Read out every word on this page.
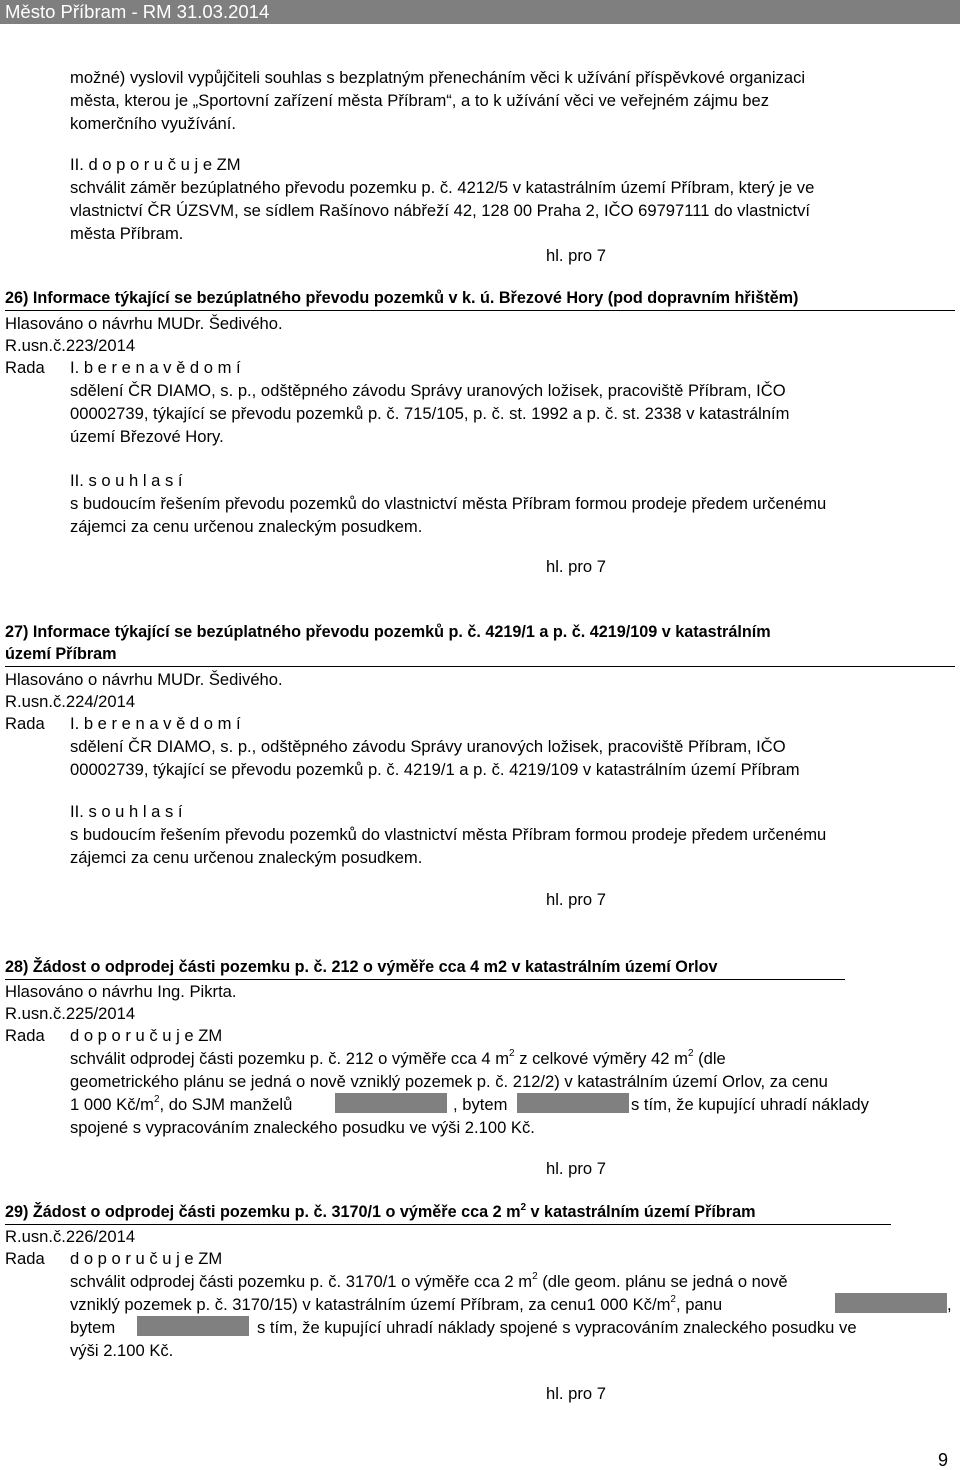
Město Příbram - RM 31.03.2014
možné) vyslovil vypůjčiteli souhlas s bezplatným přenecháním věci k užívání příspěvkové organizaci
města, kterou je „Sportovní zařízení města Příbram“, a to k užívání věci ve veřejném zájmu bez
komerčního využívání.
II. d o p o r u č u j e ZM
schválit záměr bezúplatného převodu pozemku p. č. 4212/5 v katastrálním území Příbram, který je ve
vlastnictví ČR ÚZSVM, se sídlem Rašínovo nábřeží 42, 128 00 Praha 2, IČO 69797111 do vlastnictví
města Příbram.
hl. pro 7
26) Informace týkající se bezúplatného převodu pozemků v k. ú. Březové Hory (pod dopravním hřištěm)
Hlasováno o návrhu MUDr. Šedivého.
R.usn.č.223/2014
Rada I. b e r e n a v ě d o m í
sdělení ČR DIAMO, s. p., odštěpného závodu Správy uranových ložisek, pracoviště Příbram, IČO
00002739, týkající se převodu pozemků p. č. 715/105, p. č. st. 1992 a p. č. st. 2338 v katastrálním
území Březové Hory.
II. s o u h l a s í
s budoucím řešením převodu pozemků do vlastnictví města Příbram formou prodeje předem určenému
zájemci za cenu určenou znaleckým posudkem.
hl. pro 7
27) Informace týkající se bezúplatného převodu pozemků p. č. 4219/1 a p. č. 4219/109 v katastrálním
území Příbram
Hlasováno o návrhu MUDr. Šedivého.
R.usn.č.224/2014
Rada I. b e r e n a v ě d o m í
sdělení ČR DIAMO, s. p., odštěpného závodu Správy uranových ložisek, pracoviště Příbram, IČO
00002739, týkající se převodu pozemků p. č. 4219/1 a p. č. 4219/109 v katastrálním území Příbram
II. s o u h l a s í
s budoucím řešením převodu pozemků do vlastnictví města Příbram formou prodeje předem určenému
zájemci za cenu určenou znaleckým posudkem.
hl. pro 7
28) Žádost o odprodej části pozemku p. č. 212 o výměře cca 4 m2 v katastrálním území Orlov
Hlasováno o návrhu Ing. Pikrta.
R.usn.č.225/2014
Rada d o p o r u č u j e ZM
schválit odprodej části pozemku p. č. 212 o výměře cca 4 $m^2$ z celkové výměry 42 $m^2$ (dle
geometrického plánu se jedná o nově vzniklý pozemek p. č. 212/2) v katastrálním území Orlov, za cenu
1 000 $Kč/m^2$, do SJM manželů	, bytem	s tím, že kupující uhradí náklady
spojené s vypracováním znaleckého posudku ve výši 2.100 Kč.
hl. pro 7
29) Žádost o odprodej části pozemku p. č. 3170/1 o výměře cca 2 $m^2$ v katastrálním území Příbram
R.usn.č.226/2014
Rada d o p o r u č u j e ZM
schválit odprodej části pozemku p. č. 3170/1 o výměře cca 2 $m^2$ (dle geom. plánu se jedná o nově
vzniklý pozemek p. č. 3170/15) v katastrálním území Příbram, za cenu1 000 $Kč/m^2$, panu	,
bytem	s tím, že kupující uhradí náklady spojené s vypracováním znaleckého posudku ve
výši 2.100 Kč.
hl. pro 7
9
